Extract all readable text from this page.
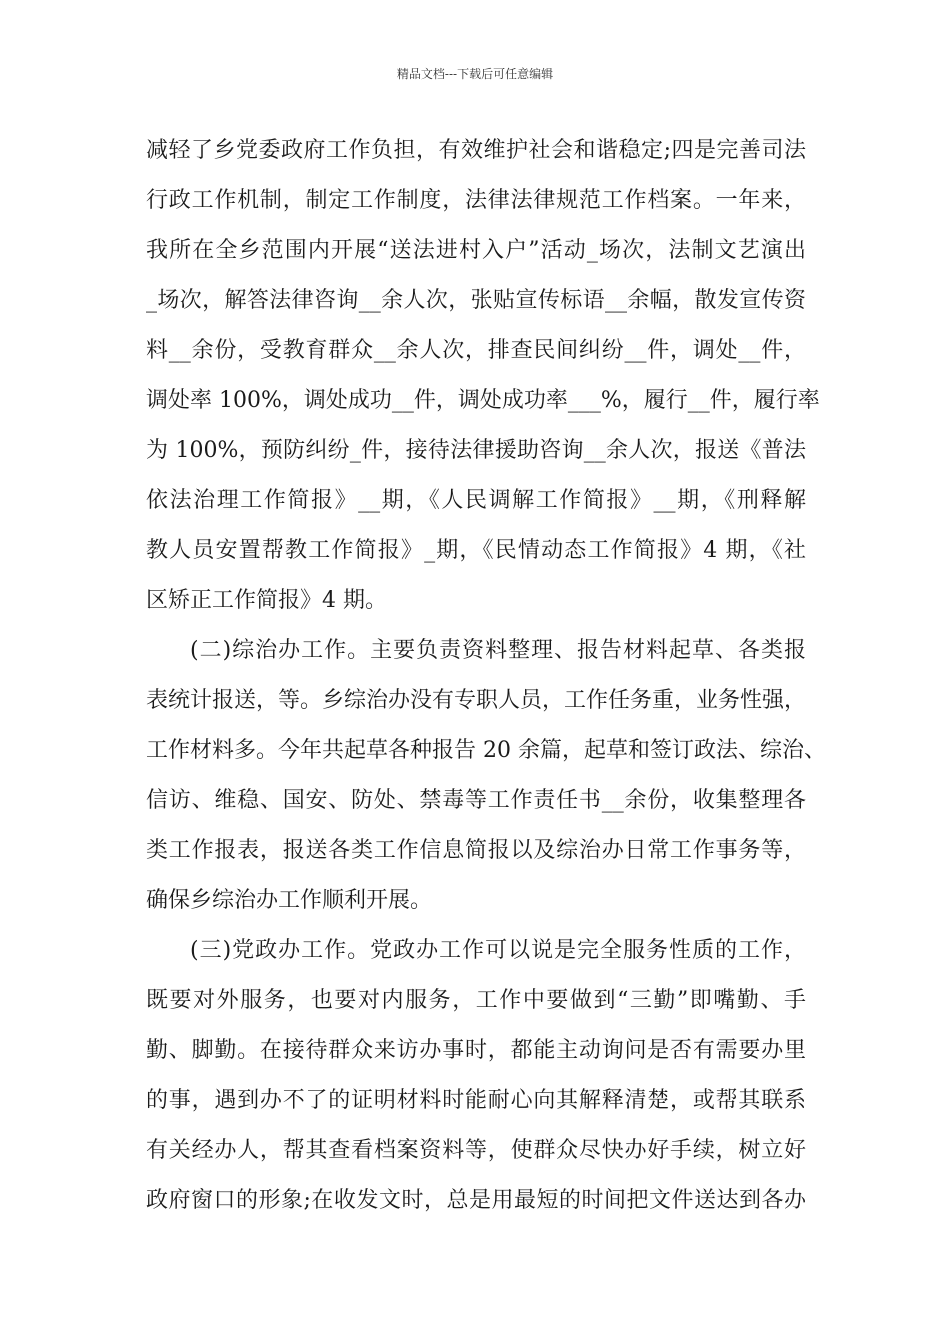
精品文档---下载后可任意编辑
减轻了乡党委政府工作负担，有效维护社会和谐稳定;四是完善司法
行政工作机制，制定工作制度，法律法律规范工作档案。一年来，
我所在全乡范围内开展“送法进村入户”活动_场次，法制文艺演出
_场次，解答法律咨询__余人次，张贴宣传标语__余幅，散发宣传资
料__余份，受教育群众__余人次，排查民间纠纷__件，调处__件，
调处率 100%，调处成功__件，调处成功率___%，履行__件，履行率
为 100%，预防纠纷_件，接待法律援助咨询__余人次，报送《普法
依法治理工作简报》__期，《人民调解工作简报》__期，《刑释解
教人员安置帮教工作简报》_期，《民情动态工作简报》4 期，《社
区矫正工作简报》4 期。
(二)综治办工作。主要负责资料整理、报告材料起草、各类报
表统计报送，等。乡综治办没有专职人员，工作任务重，业务性强，
工作材料多。今年共起草各种报告 20 余篇，起草和签订政法、综治、
信访、维稳、国安、防处、禁毒等工作责任书__余份，收集整理各
类工作报表，报送各类工作信息简报以及综治办日常工作事务等，
确保乡综治办工作顺利开展。
(三)党政办工作。党政办工作可以说是完全服务性质的工作，
既要对外服务，也要对内服务，工作中要做到“三勤”即嘴勤、手
勤、脚勤。在接待群众来访办事时，都能主动询问是否有需要办里
的事，遇到办不了的证明材料时能耐心向其解释清楚，或帮其联系
有关经办人，帮其查看档案资料等，使群众尽快办好手续，树立好
政府窗口的形象;在收发文时，总是用最短的时间把文件送达到各办
